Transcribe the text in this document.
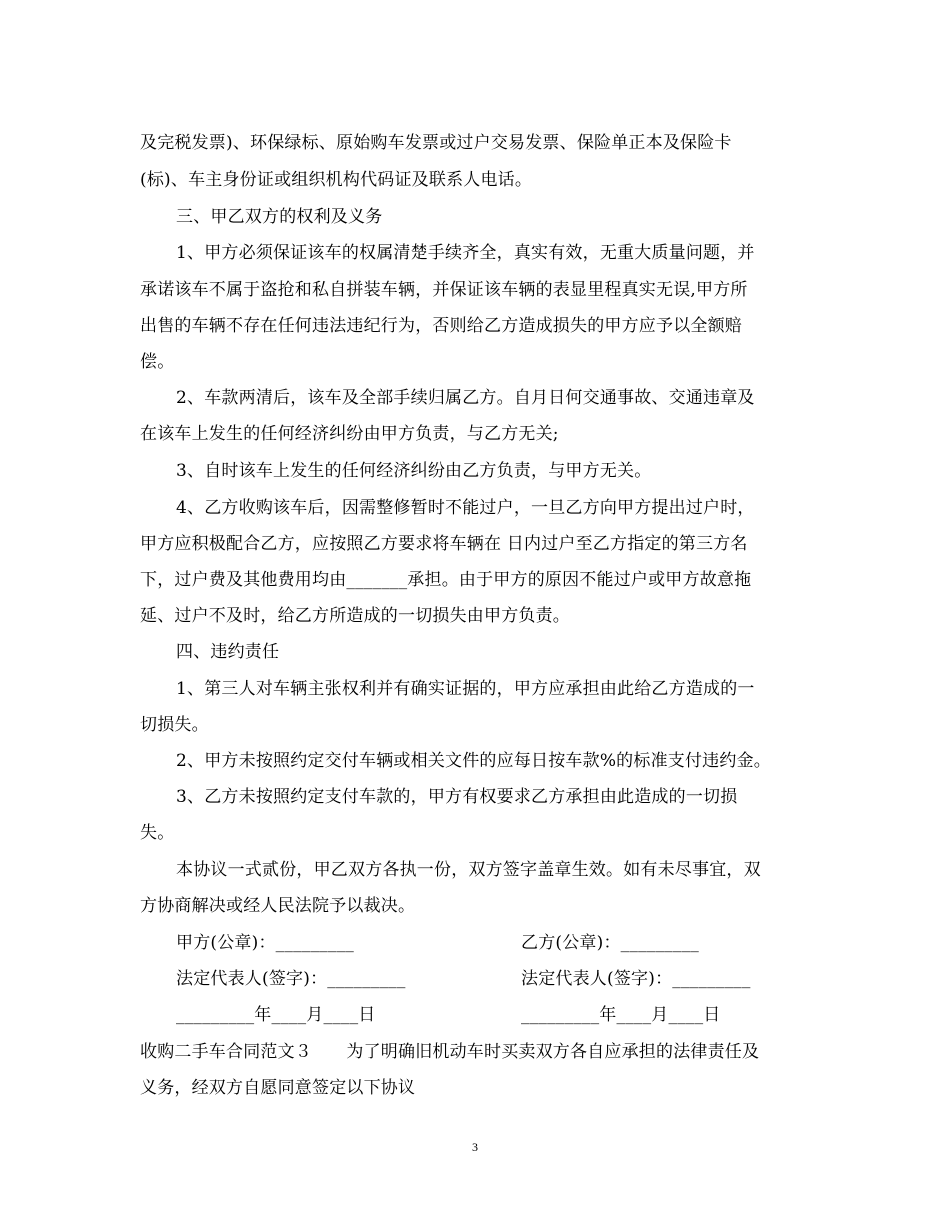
及完税发票)、环保绿标、原始购车发票或过户交易发票、保险单正本及保险卡
(标)、车主身份证或组织机构代码证及联系人电话。
三、甲乙双方的权利及义务
1、甲方必须保证该车的权属清楚手续齐全，真实有效，无重大质量问题，并
承诺该车不属于盗抢和私自拼装车辆，并保证该车辆的表显里程真实无误,甲方所
出售的车辆不存在任何违法违纪行为，否则给乙方造成损失的甲方应予以全额赔
偿。
2、车款两清后，该车及全部手续归属乙方。自月日何交通事故、交通违章及
在该车上发生的任何经济纠纷由甲方负责，与乙方无关;
3、自时该车上发生的任何经济纠纷由乙方负责，与甲方无关。
4、乙方收购该车后，因需整修暂时不能过户，一旦乙方向甲方提出过户时，
甲方应积极配合乙方，应按照乙方要求将车辆在 日内过户至乙方指定的第三方名
下，过户费及其他费用均由_______承担。由于甲方的原因不能过户或甲方故意拖
延、过户不及时，给乙方所造成的一切损失由甲方负责。
四、违约责任
1、第三人对车辆主张权利并有确实证据的，甲方应承担由此给乙方造成的一
切损失。
2、甲方未按照约定交付车辆或相关文件的应每日按车款%的标准支付违约金。
3、乙方未按照约定支付车款的，甲方有权要求乙方承担由此造成的一切损
失。
本协议一式贰份，甲乙双方各执一份，双方签字盖章生效。如有未尽事宜，双
方协商解决或经人民法院予以裁决。
甲方(公章)：_________	乙方(公章)：_________
法定代表人(签字)：_________	法定代表人(签字)：_________
_________年____月____日	_________年____月____日
收购二手车合同范文３　　为了明确旧机动车时买卖双方各自应承担的法律责任及
义务，经双方自愿同意签定以下协议
3
